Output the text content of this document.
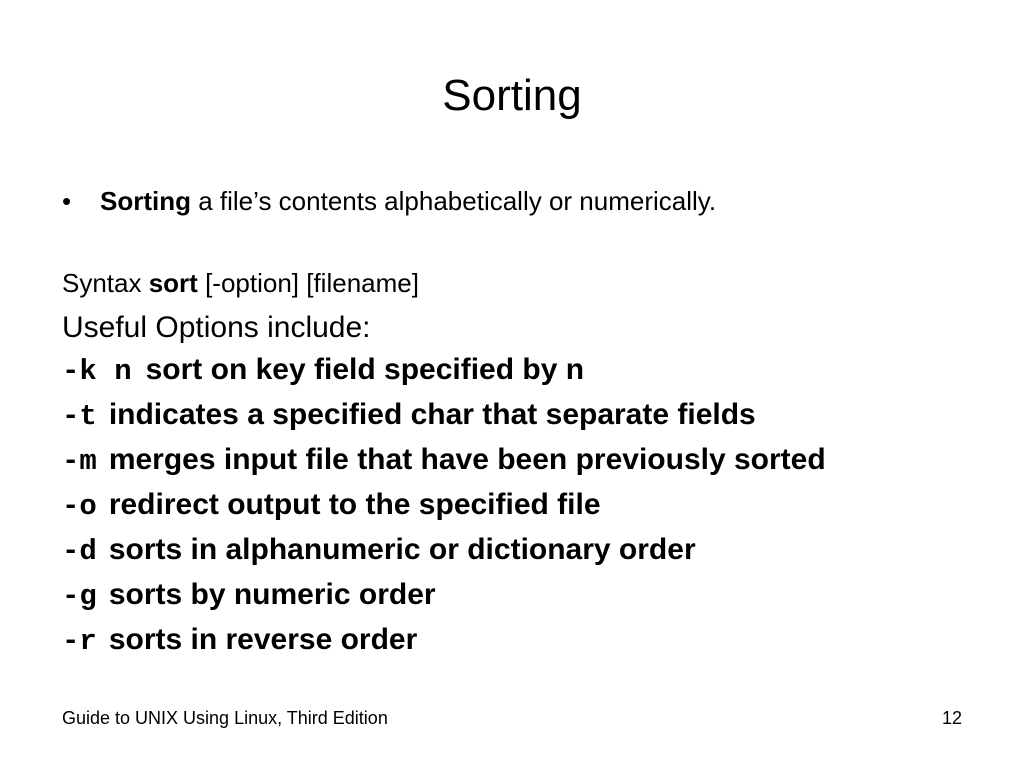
Sorting
• Sorting a file’s contents alphabetically or numerically.
Syntax sort [-option] [filename]
Useful Options include:
-k n sort on key field specified by n
-t indicates a specified char that separate fields
-m merges input file that have been previously sorted
-o redirect output to the specified file
-d sorts in alphanumeric or dictionary order
-g sorts by numeric order
-r sorts in reverse order
Guide to UNIX Using Linux, Third Edition	12
